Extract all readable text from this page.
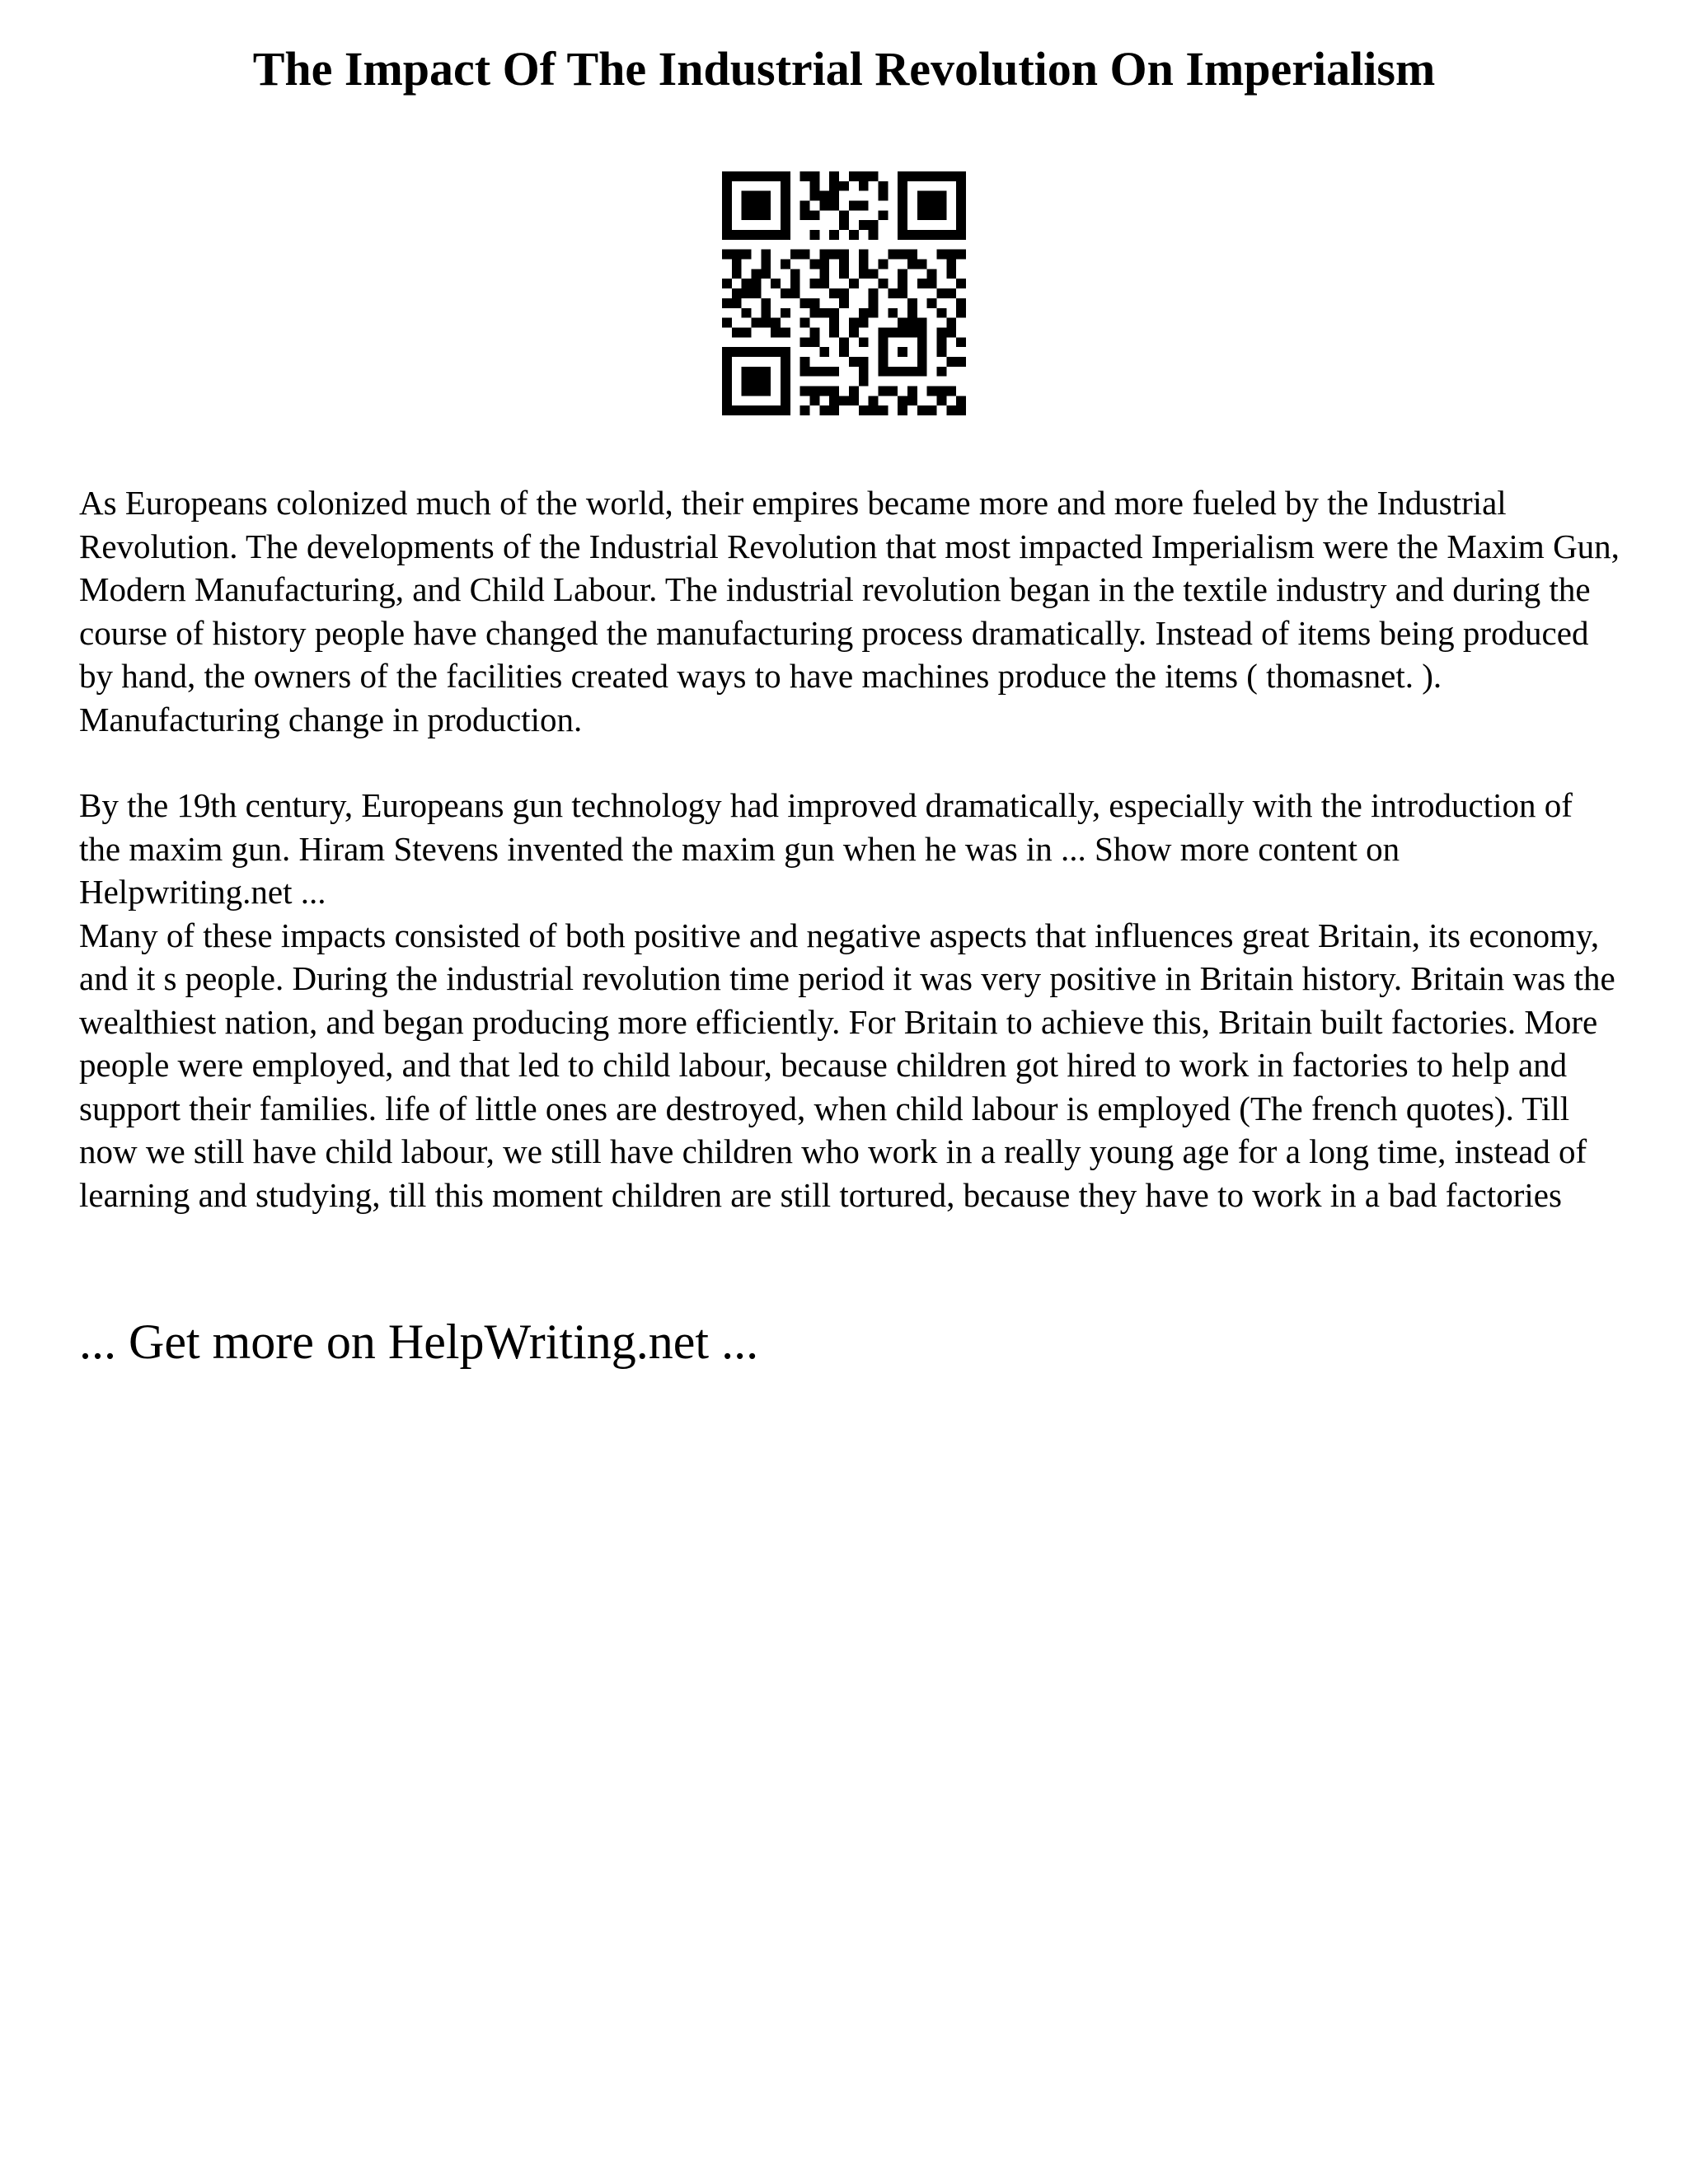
The Impact Of The Industrial Revolution On Imperialism

As Europeans colonized much of the world, their empires became more and more fueled by the Industrial Revolution. The developments of the Industrial Revolution that most impacted Imperialism were the Maxim Gun, Modern Manufacturing, and Child Labour. The industrial revolution began in the textile industry and during the course of history people have changed the manufacturing process dramatically. Instead of items being produced by hand, the owners of the facilities created ways to have machines produce the items ( thomasnet. ). Manufacturing change in production.

By the 19th century, Europeans gun technology had improved dramatically, especially with the introduction of the maxim gun. Hiram Stevens invented the maxim gun when he was in ... Show more content on Helpwriting.net ...

Many of these impacts consisted of both positive and negative aspects that influences great Britain, its economy, and it s people. During the industrial revolution time period it was very positive in Britain history. Britain was the wealthiest nation, and began producing more efficiently. For Britain to achieve this, Britain built factories. More people were employed, and that led to child labour, because children got hired to work in factories to help and support their families. life of little ones are destroyed, when child labour is employed (The french quotes). Till now we still have child labour, we still have children who work in a really young age for a long time, instead of learning and studying, till this moment children are still tortured, because they have to work in a bad factories

... Get more on HelpWriting.net ...
